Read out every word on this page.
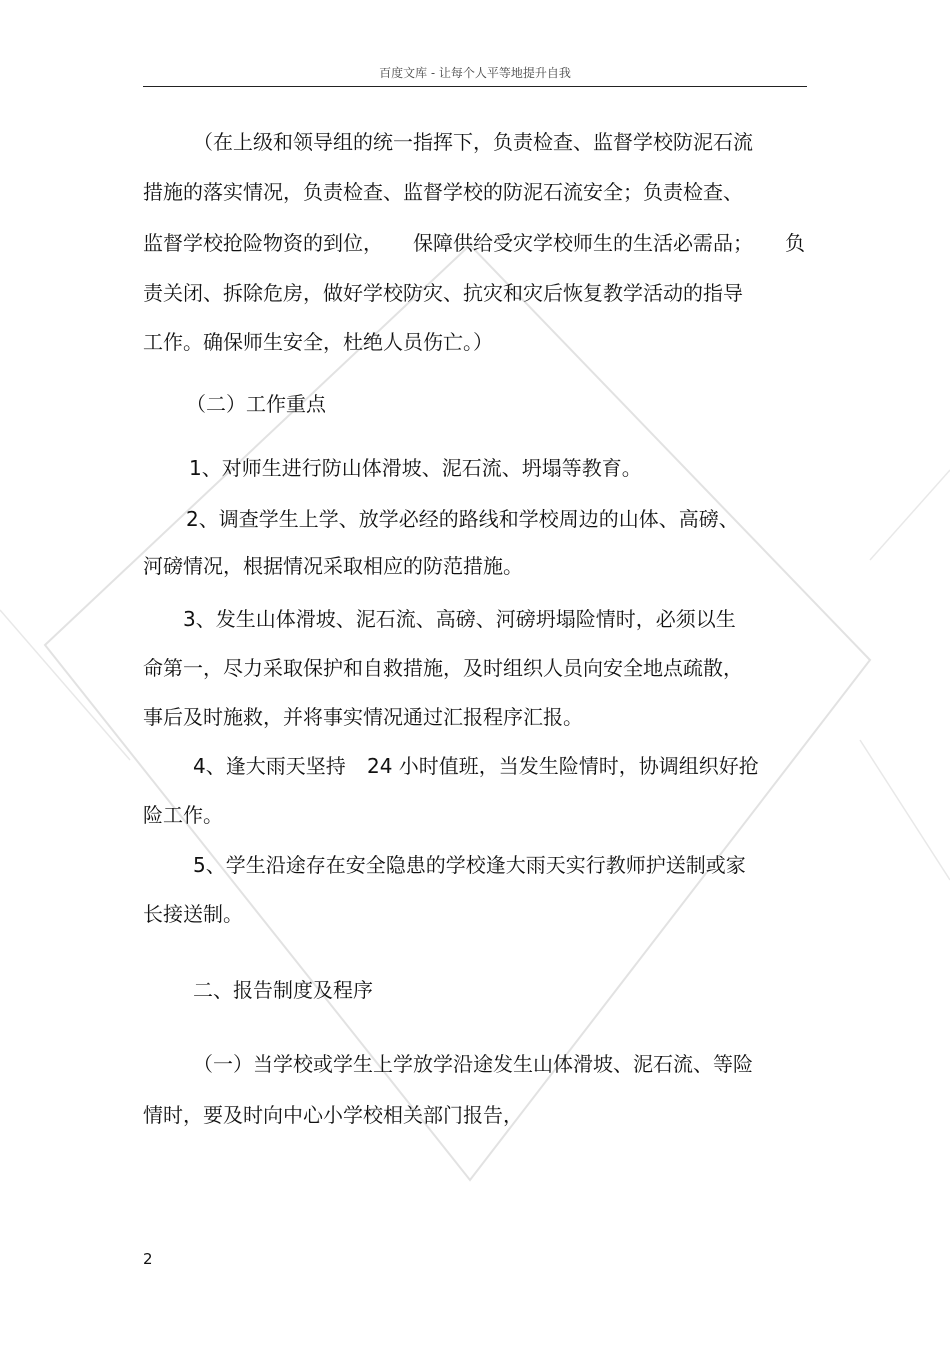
百度文库 - 让每个人平等地提升自我
（在上级和领导组的统一指挥下，负责检查、监督学校防泥石流
措施的落实情况，负责检查、监督学校的防泥石流安全；负责检查、
监督学校抢险物资的到位， 保障供给受灾学校师生的生活必需品； 负
责关闭、拆除危房，做好学校防灾、抗灾和灾后恢复教学活动的指导
工作。确保师生安全，杜绝人员伤亡。）
（二）工作重点
1、对师生进行防山体滑坡、泥石流、坍塌等教育。
2、调查学生上学、放学必经的路线和学校周边的山体、高磅、
河磅情况，根据情况采取相应的防范措施。
3、发生山体滑坡、泥石流、高磅、河磅坍塌险情时，必须以生
命第一，尽力采取保护和自救措施，及时组织人员向安全地点疏散，
事后及时施救，并将事实情况通过汇报程序汇报。
4、逢大雨天坚持 24 小时值班，当发生险情时，协调组织好抢
险工作。
5、学生沿途存在安全隐患的学校逢大雨天实行教师护送制或家
长接送制。
二、报告制度及程序
（一）当学校或学生上学放学沿途发生山体滑坡、泥石流、等险
情时，要及时向中心小学校相关部门报告，
2
